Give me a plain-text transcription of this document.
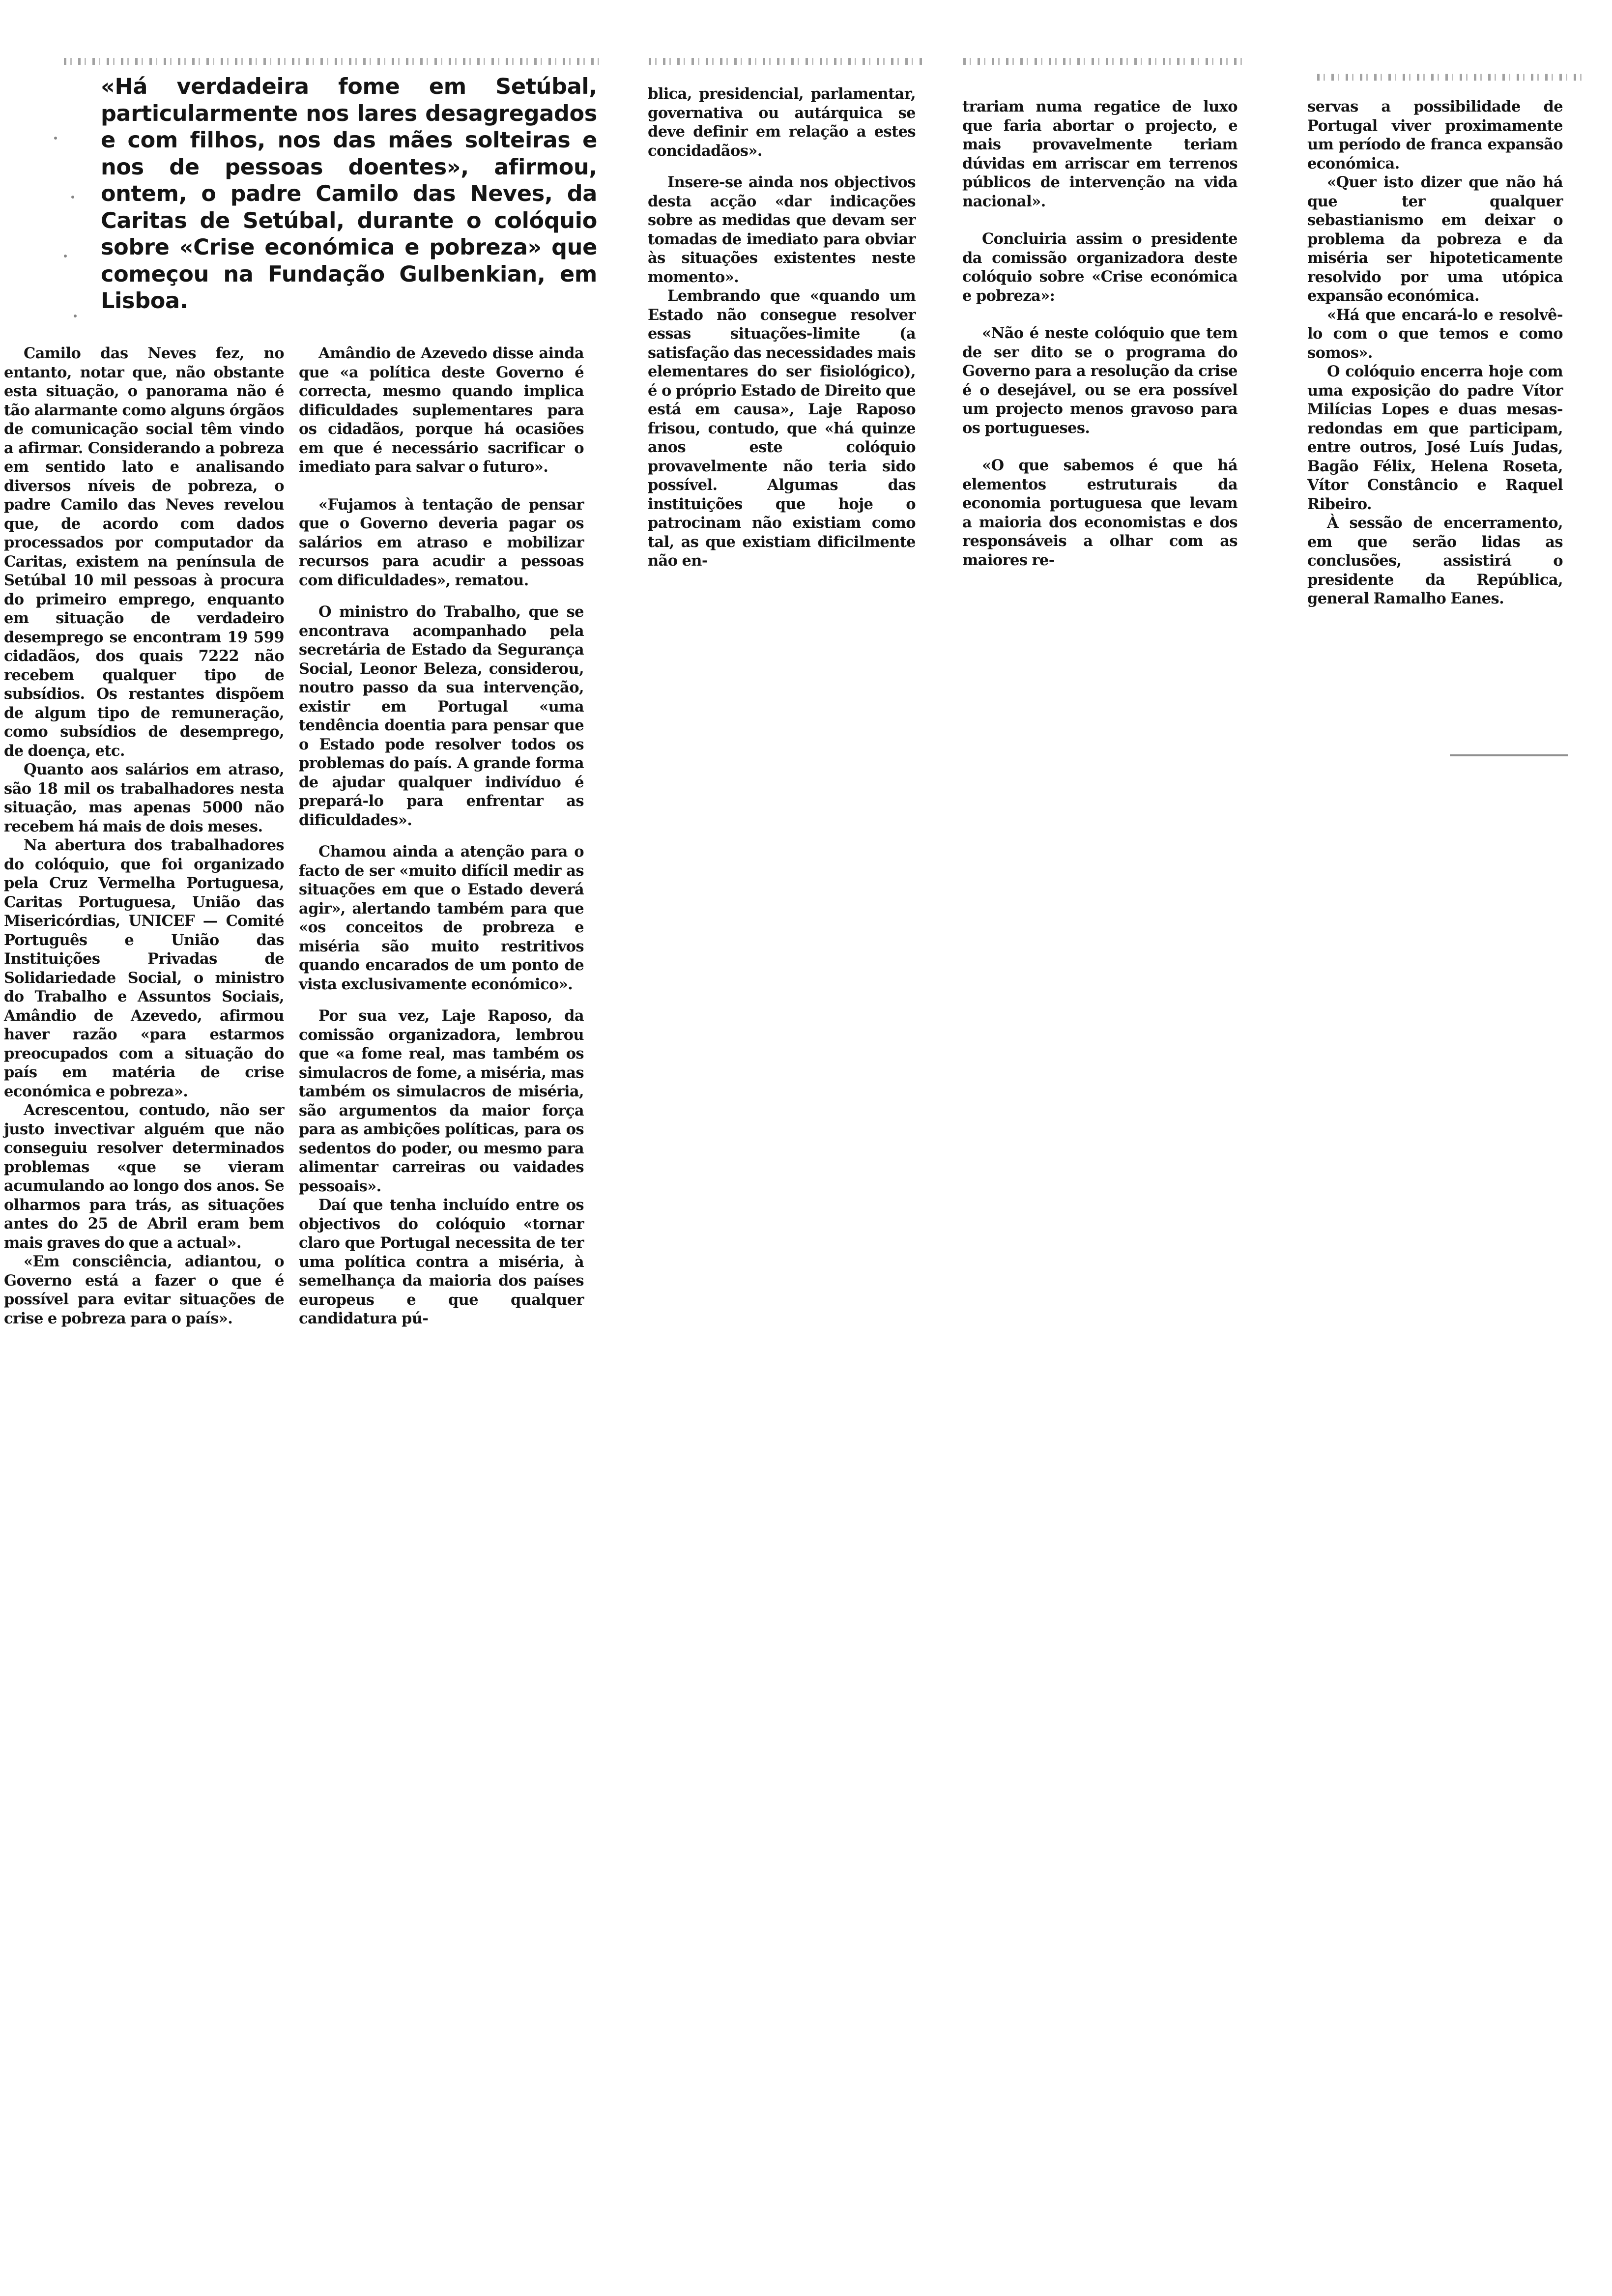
«Há verdadeira fome em Setúbal, particularmente nos lares desagregados e com filhos, nos das mães solteiras e nos de pessoas doentes», afirmou, ontem, o padre Camilo das Neves, da Caritas de Setúbal, durante o colóquio sobre «Crise económica e pobreza» que começou na Fundação Gulbenkian, em Lisboa.

Camilo das Neves fez, no entanto, notar que, não obstante esta situação, o panorama não é tão alarmante como alguns órgãos de comunicação social têm vindo a afirmar. Considerando a pobreza em sentido lato e analisando diversos níveis de pobreza, o padre Camilo das Neves revelou que, de acordo com dados processados por computador da Caritas, existem na península de Setúbal 10 mil pessoas à procura do primeiro emprego, enquanto em situação de verdadeiro desemprego se encontram 19 599 cidadãos, dos quais 7222 não recebem qualquer tipo de subsídios. Os restantes dispõem de algum tipo de remuneração, como subsídios de desemprego, de doença, etc.

Quanto aos salários em atraso, são 18 mil os trabalhadores nesta situação, mas apenas 5000 não recebem há mais de dois meses.

Na abertura dos trabalhadores do colóquio, que foi organizado pela Cruz Vermelha Portuguesa, Caritas Portuguesa, União das Misericórdias, UNICEF — Comité Português e União das Instituições Privadas de Solidariedade Social, o ministro do Trabalho e Assuntos Sociais, Amândio de Azevedo, afirmou haver razão «para estarmos preocupados com a situação do país em matéria de crise económica e pobreza».

Acrescentou, contudo, não ser justo invectivar alguém que não conseguiu resolver determinados problemas «que se vieram acumulando ao longo dos anos. Se olharmos para trás, as situações antes do 25 de Abril eram bem mais graves do que a actual».

«Em consciência, adiantou, o Governo está a fazer o que é possível para evitar situações de crise e pobreza para o país».

Amândio de Azevedo disse ainda que «a política deste Governo é correcta, mesmo quando implica dificuldades suplementares para os cidadãos, porque há ocasiões em que é necessário sacrificar o imediato para salvar o futuro».

«Fujamos à tentação de pensar que o Governo deveria pagar os salários em atraso e mobilizar recursos para acudir a pessoas com dificuldades», rematou.

O ministro do Trabalho, que se encontrava acompanhado pela secretária de Estado da Segurança Social, Leonor Beleza, considerou, noutro passo da sua intervenção, existir em Portugal «uma tendência doentia para pensar que o Estado pode resolver todos os problemas do país. A grande forma de ajudar qualquer indivíduo é prepará-lo para enfrentar as dificuldades».

Chamou ainda a atenção para o facto de ser «muito difícil medir as situações em que o Estado deverá agir», alertando também para que «os conceitos de probreza e miséria são muito restritivos quando encarados de um ponto de vista exclusivamente económico».

Por sua vez, Laje Raposo, da comissão organizadora, lembrou que «a fome real, mas também os simulacros de fome, a miséria, mas também os simulacros de miséria, são argumentos da maior força para as ambições políticas, para os sedentos do poder, ou mesmo para alimentar carreiras ou vaidades pessoais».

Daí que tenha incluído entre os objectivos do colóquio «tornar claro que Portugal necessita de ter uma política contra a miséria, à semelhança da maioria dos países europeus e que qualquer candidatura pú-

blica, presidencial, parlamentar, governativa ou autárquica se deve definir em relação a estes concidadãos».

Insere-se ainda nos objectivos desta acção «dar indicações sobre as medidas que devam ser tomadas de imediato para obviar às situações existentes neste momento».

Lembrando que «quando um Estado não consegue resolver essas situações-limite (a satisfação das necessidades mais elementares do ser fisiológico), é o próprio Estado de Direito que está em causa», Laje Raposo frisou, contudo, que «há quinze anos este colóquio provavelmente não teria sido possível. Algumas das instituições que hoje o patrocinam não existiam como tal, as que existiam dificilmente não en-

trariam numa regatice de luxo que faria abortar o projecto, e mais provavelmente teriam dúvidas em arriscar em terrenos públicos de intervenção na vida nacional».

Concluiria assim o presidente da comissão organizadora deste colóquio sobre «Crise económica e pobreza»:

«Não é neste colóquio que tem de ser dito se o programa do Governo para a resolução da crise é o desejável, ou se era possível um projecto menos gravoso para os portugueses.

«O que sabemos é que há elementos estruturais da economia portuguesa que levam a maioria dos economistas e dos responsáveis a olhar com as maiores re-

servas a possibilidade de Portugal viver proximamente um período de franca expansão económica.

«Quer isto dizer que não há que ter qualquer sebastianismo em deixar o problema da pobreza e da miséria ser hipoteticamente resolvido por uma utópica expansão económica.

«Há que encará-lo e resolvê-lo com o que temos e como somos».

O colóquio encerra hoje com uma exposição do padre Vítor Milícias Lopes e duas mesas-redondas em que participam, entre outros, José Luís Judas, Bagão Félix, Helena Roseta, Vítor Constâncio e Raquel Ribeiro.

À sessão de encerramento, em que serão lidas as conclusões, assistirá o presidente da República, general Ramalho Eanes.
